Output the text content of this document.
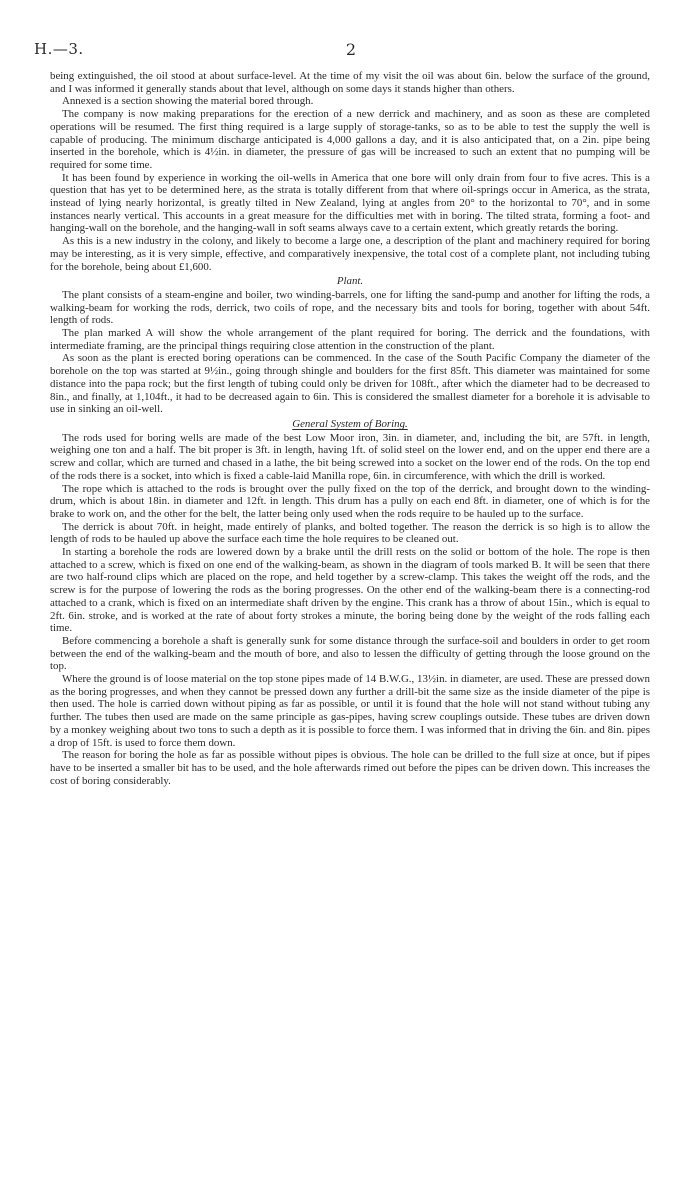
H.—3.	2

being extinguished, the oil stood at about surface-level. At the time of my visit the oil was about 6in. below the surface of the ground, and I was informed it generally stands about that level, although on some days it stands higher than others.

Annexed is a section showing the material bored through.

The company is now making preparations for the erection of a new derrick and machinery, and as soon as these are completed operations will be resumed. The first thing required is a large supply of storage-tanks, so as to be able to test the supply the well is capable of producing. The minimum discharge anticipated is 4,000 gallons a day, and it is also anticipated that, on a 2in. pipe being inserted in the borehole, which is 4½in. in diameter, the pressure of gas will be increased to such an extent that no pumping will be required for some time.

It has been found by experience in working the oil-wells in America that one bore will only drain from four to five acres. This is a question that has yet to be determined here, as the strata is totally different from that where oil-springs occur in America, as the strata, instead of lying nearly horizontal, is greatly tilted in New Zealand, lying at angles from 20° to the horizontal to 70°, and in some instances nearly vertical. This accounts in a great measure for the difficulties met with in boring. The tilted strata, forming a foot- and hanging-wall on the borehole, and the hanging-wall in soft seams always cave to a certain extent, which greatly retards the boring.

As this is a new industry in the colony, and likely to become a large one, a description of the plant and machinery required for boring may be interesting, as it is very simple, effective, and comparatively inexpensive, the total cost of a complete plant, not including tubing for the borehole, being about £1,600.

Plant.

The plant consists of a steam-engine and boiler, two winding-barrels, one for lifting the sand-pump and another for lifting the rods, a walking-beam for working the rods, derrick, two coils of rope, and the necessary bits and tools for boring, together with about 54ft. length of rods.

The plan marked A will show the whole arrangement of the plant required for boring. The derrick and the foundations, with intermediate framing, are the principal things requiring close attention in the construction of the plant.

As soon as the plant is erected boring operations can be commenced. In the case of the South Pacific Company the diameter of the borehole on the top was started at 9½in., going through shingle and boulders for the first 85ft. This diameter was maintained for some distance into the papa rock; but the first length of tubing could only be driven for 108ft., after which the diameter had to be decreased to 8in., and finally, at 1,104ft., it had to be decreased again to 6in. This is considered the smallest diameter for a borehole it is advisable to use in sinking an oil-well.

General System of Boring.

The rods used for boring wells are made of the best Low Moor iron, 3in. in diameter, and, including the bit, are 57ft. in length, weighing one ton and a half. The bit proper is 3ft. in length, having 1ft. of solid steel on the lower end, and on the upper end there are a screw and collar, which are turned and chased in a lathe, the bit being screwed into a socket on the lower end of the rods. On the top end of the rods there is a socket, into which is fixed a cable-laid Manilla rope, 6in. in circumference, with which the drill is worked.

The rope which is attached to the rods is brought over the pully fixed on the top of the derrick, and brought down to the winding-drum, which is about 18in. in diameter and 12ft. in length. This drum has a pully on each end 8ft. in diameter, one of which is for the brake to work on, and the other for the belt, the latter being only used when the rods require to be hauled up to the surface.

The derrick is about 70ft. in height, made entirely of planks, and bolted together. The reason the derrick is so high is to allow the length of rods to be hauled up above the surface each time the hole requires to be cleaned out.

In starting a borehole the rods are lowered down by a brake until the drill rests on the solid or bottom of the hole. The rope is then attached to a screw, which is fixed on one end of the walking-beam, as shown in the diagram of tools marked B. It will be seen that there are two half-round clips which are placed on the rope, and held together by a screw-clamp. This takes the weight off the rods, and the screw is for the purpose of lowering the rods as the boring progresses. On the other end of the walking-beam there is a connecting-rod attached to a crank, which is fixed on an intermediate shaft driven by the engine. This crank has a throw of about 15in., which is equal to 2ft. 6in. stroke, and is worked at the rate of about forty strokes a minute, the boring being done by the weight of the rods falling each time.

Before commencing a borehole a shaft is generally sunk for some distance through the surface-soil and boulders in order to get room between the end of the walking-beam and the mouth of bore, and also to lessen the difficulty of getting through the loose ground on the top.

Where the ground is of loose material on the top stone pipes made of 14 B.W.G., 13½in. in diameter, are used. These are pressed down as the boring progresses, and when they cannot be pressed down any further a drill-bit the same size as the inside diameter of the pipe is then used. The hole is carried down without piping as far as possible, or until it is found that the hole will not stand without tubing any further. The tubes then used are made on the same principle as gas-pipes, having screw couplings outside. These tubes are driven down by a monkey weighing about two tons to such a depth as it is possible to force them. I was informed that in driving the 6in. and 8in. pipes a drop of 15ft. is used to force them down.

The reason for boring the hole as far as possible without pipes is obvious. The hole can be drilled to the full size at once, but if pipes have to be inserted a smaller bit has to be used, and the hole afterwards rimed out before the pipes can be driven down. This increases the cost of boring considerably.
